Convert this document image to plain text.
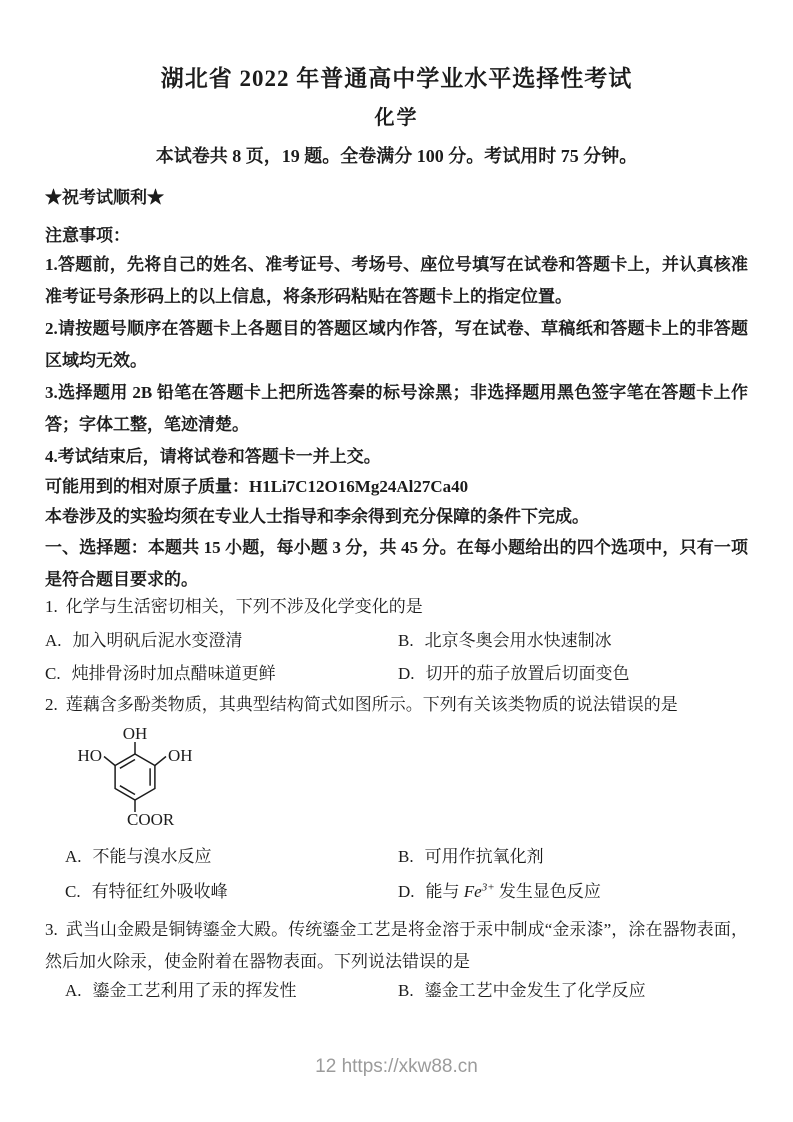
湖北省 2022 年普通高中学业水平选择性考试
化学
本试卷共 8 页，19 题。全卷满分 100 分。考试用时 75 分钟。
★祝考试顺利★
注意事项：
1.答题前，先将自己的姓名、准考证号、考场号、座位号填写在试卷和答题卡上，并认真核准准考证号条形码上的以上信息，将条形码粘贴在答题卡上的指定位置。
2.请按题号顺序在答题卡上各题目的答题区域内作答，写在试卷、草稿纸和答题卡上的非答题区域均无效。
3.选择题用 2B 铅笔在答题卡上把所选答秦的标号涂黑；非选择题用黑色签字笔在答题卡上作答；字体工整，笔迹清楚。
4.考试结束后，请将试卷和答题卡一并上交。
可能用到的相对原子质量：H1Li7C12O16Mg24Al27Ca40
本卷涉及的实验均须在专业人士指导和李余得到充分保障的条件下完成。
一、选择题：本题共 15 小题，每小题 3 分，共 45 分。在每小题给出的四个选项中，只有一项是符合题目要求的。
1. 化学与生活密切相关，下列不涉及化学变化的是
A. 加入明矾后泥水变澄清	B. 北京冬奥会用水快速制冰
C. 炖排骨汤时加点醋味道更鲜	D. 切开的茄子放置后切面变色
2. 莲藕含多酚类物质，其典型结构简式如图所示。下列有关该类物质的说法错误的是
OH
HO	OH
COOR
A. 不能与溴水反应	B. 可用作抗氧化剂
C. 有特征红外吸收峰	D. 能与 $Fe^{3+}$ 发生显色反应
3. 武当山金殿是铜铸鎏金大殿。传统鎏金工艺是将金溶于汞中制成“金汞漆”，涂在器物表面，然后加火除汞，使金附着在器物表面。下列说法错误的是
A. 鎏金工艺利用了汞的挥发性	B. 鎏金工艺中金发生了化学反应
12 https://xkw88.cn
